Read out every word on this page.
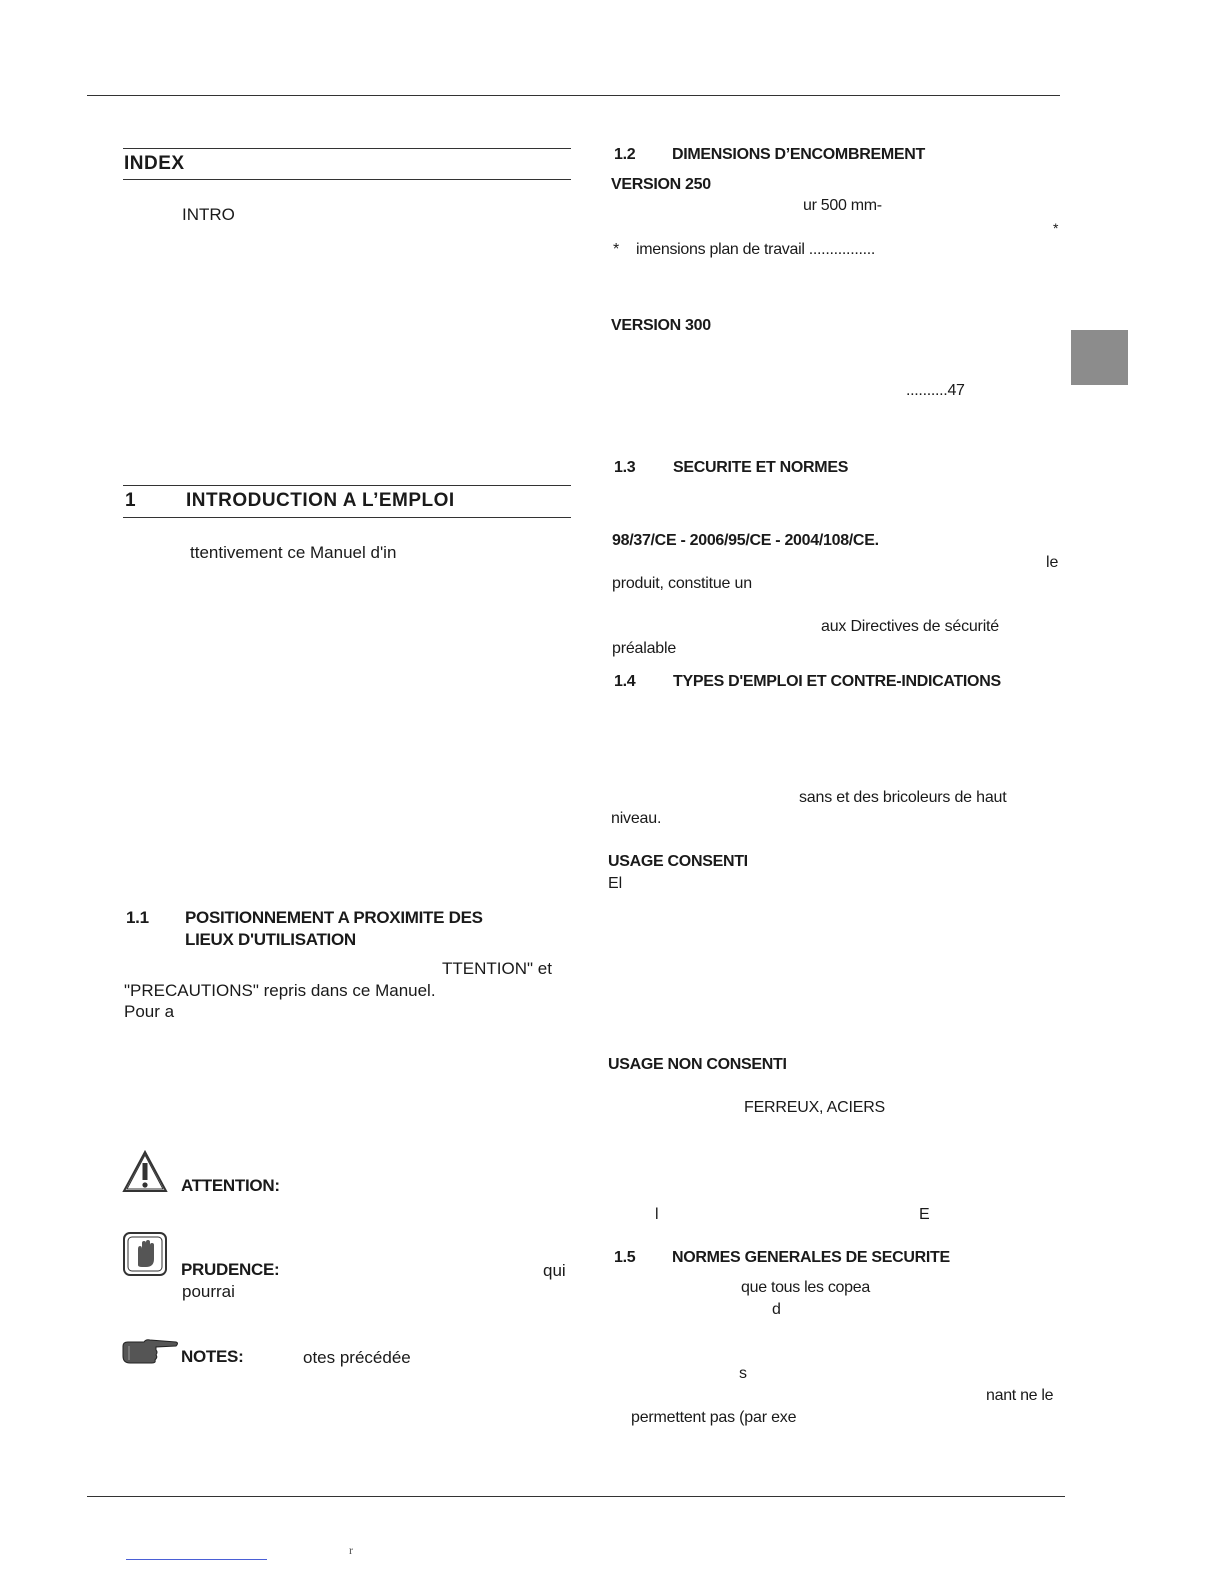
INDEX
INTRO
1	INTRODUCTION A L’EMPLOI
ttentivement ce Manuel d'in
1.1 POSITIONNEMENT A PROXIMITE DES
LIEUX D'UTILISATION
TTENTION" et
"PRECAUTIONS" repris dans ce Manuel.
Pour a
ATTENTION:
PRUDENCE:	qui
pourrai
NOTES:	otes précédée
1.2 DIMENSIONS D’ENCOMBREMENT
VERSION 250
ur 500 mm-
*
* imensions plan de travail ................
VERSION 300
..........47
1.3 SECURITE ET NORMES
98/37/CE - 2006/95/CE - 2004/108/CE.
le
produit, constitue un
aux Directives de sécurité
préalable
1.4 TYPES D'EMPLOI ET CONTRE-INDICATIONS
sans et des bricoleurs de haut
niveau.
USAGE CONSENTI
El
USAGE NON CONSENTI
FERREUX, ACIERS
l	E
1.5 NORMES GENERALES DE SECURITE
que tous les copea
d
s
nant ne le
permettent pas (par exe
r
